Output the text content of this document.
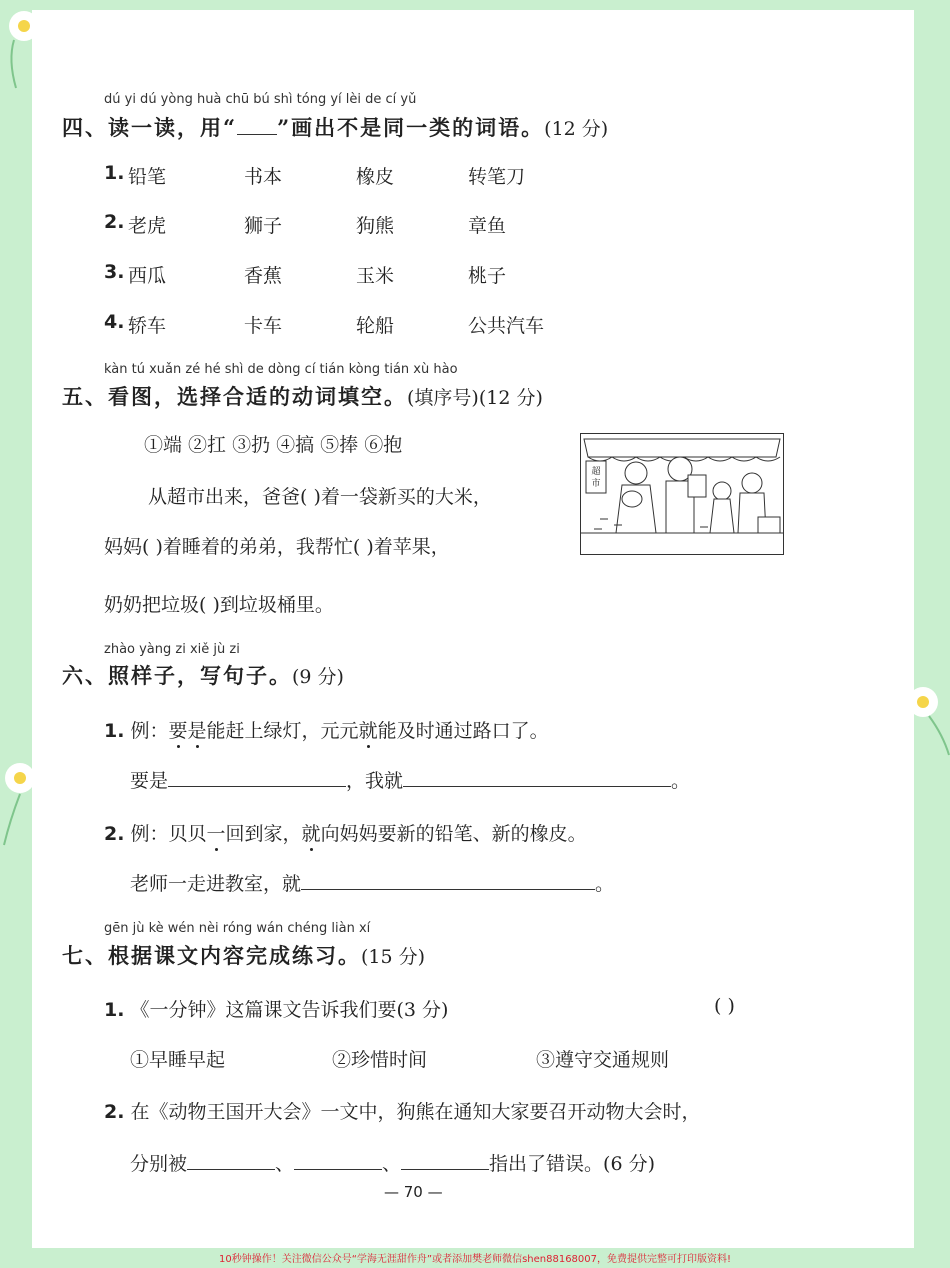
dú yi dú yòng huà chū bú shì tóng yí lèi de cí yǔ
四、读一读，用“ ”画出不是同一类的词语。(12 分)
1. 铅笔	书本	橡皮	转笔刀
2. 老虎	狮子	狗熊	章鱼
3. 西瓜	香蕉	玉米	桃子
4. 轿车	卡车	轮船	公共汽车
kàn tú xuǎn zé hé shì de dòng cí tián kòng tián xù hào
五、看图，选择合适的动词填空。(填序号)(12 分)
①端 ②扛 ③扔 ④搞 ⑤捧 ⑥抱
从超市出来，爸爸( )着一袋新买的大米，
妈妈( )着睡着的弟弟，我帮忙( )着苹果，
奶奶把垃圾( )到垃圾桶里。
超
市
zhào yàng zi xiě jù zi
六、照样子，写句子。(9 分)
1. 例：要是能赶上绿灯，元元就能及时通过路口了。
要是	，我就	。
2. 例：贝贝一回到家，就向妈妈要新的铅笔、新的橡皮。
老师一走进教室，就	。
gēn jù kè wén nèi róng wán chéng liàn xí
七、根据课文内容完成练习。(15 分)
1. 《一分钟》这篇课文告诉我们要(3 分)	( )
①早睡早起	②珍惜时间	③遵守交通规则
2. 在《动物王国开大会》一文中，狗熊在通知大家要召开动物大会时，
分别被	、	、	指出了错误。(6 分)
— 70 —
10秒钟操作！关注微信公众号“学海无涯甜作舟”或者添加樊老师微信shen88168007，免费提供完整可打印版资料!
